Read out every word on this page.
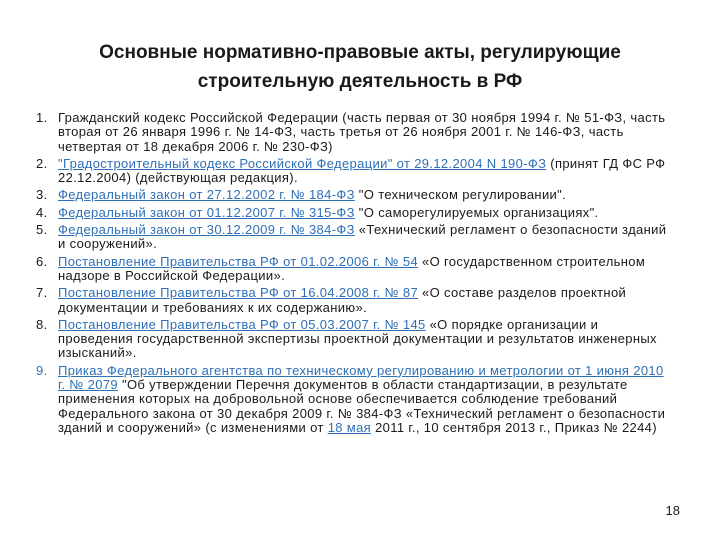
Основные нормативно-правовые акты, регулирующие
строительную деятельность в РФ
1. Гражданский кодекс Российской Федерации (часть первая от 30 ноября 1994 г. № 51-ФЗ, часть вторая от 26 января 1996 г. № 14-ФЗ, часть третья от 26 ноября 2001 г. № 146-ФЗ, часть четвертая от 18 декабря 2006 г. № 230-ФЗ)
2. "Градостроительный кодекс Российской Федерации" от 29.12.2004 N 190-ФЗ (принят ГД ФС РФ 22.12.2004) (действующая редакция).
3. Федеральный закон от 27.12.2002 г. № 184-ФЗ "О техническом регулировании".
4. Федеральный закон от 01.12.2007 г. № 315-ФЗ "О саморегулируемых организациях".
5. Федеральный закон от 30.12.2009 г. № 384-ФЗ «Технический регламент о безопасности зданий и сооружений».
6. Постановление Правительства РФ от 01.02.2006 г. № 54 «О государственном строительном надзоре в Российской Федерации».
7. Постановление Правительства РФ от 16.04.2008 г. № 87 «О составе разделов проектной документации и требованиях к их содержанию».
8. Постановление Правительства РФ от 05.03.2007 г. № 145 «О порядке организации и проведения государственной экспертизы проектной документации и результатов инженерных изысканий».
9. Приказ Федерального агентства по техническому регулированию и метрологии от 1 июня 2010 г. № 2079 "Об утверждении Перечня документов в области стандартизации, в результате применения которых на добровольной основе обеспечивается соблюдение требований Федерального закона от 30 декабря 2009 г. № 384-ФЗ «Технический регламент о безопасности зданий и сооружений» (с изменениями от 18 мая 2011 г., 10 сентября 2013 г., Приказ № 2244)
18
